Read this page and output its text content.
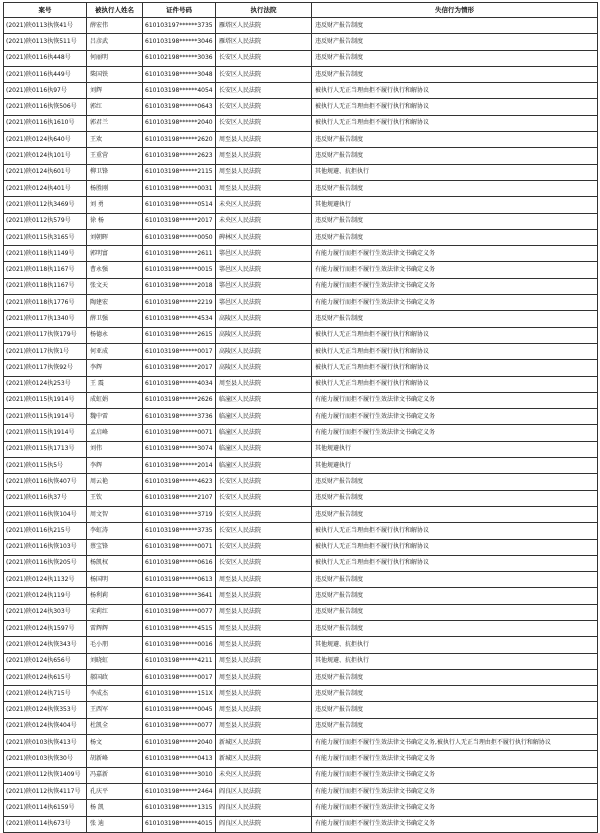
案号	被执行人姓名	证件号码	执行法院	失信行为情形
(2021)陕0113执恢41号	薛宏伟	610103197******3735	雁塔区人民法院	违反财产报告制度
(2021)陕0113执恢511号	吕彦武	610103198******3046	雁塔区人民法院	违反财产报告制度
(2021)陕0116执448号	何丽明	610102198******3036	长安区人民法院	违反财产报告制度
(2021)陕0116执449号	柴国铁	610103198******3048	长安区人民法院	违反财产报告制度
(2021)陕0116执97号	刘辉	610103198******4054	长安区人民法院	被执行人无正当理由拒不履行执行和解协议
(2021)陕0116执恢506号	郭红	610103198******0643	长安区人民法院	被执行人无正当理由拒不履行执行和解协议
(2021)陕0116执1610号	郭君兰	610103198******2040	长安区人民法院	被执行人无正当理由拒不履行执行和解协议
(2021)陕0124执640号	王欢	610103198******2620	周至县人民法院	违反财产报告制度
(2021)陕0124执101号	王重营	610103198******2623	周至县人民法院	违反财产报告制度
(2021)陕0124执601号	柳卫锋	610103198******2115	周至县人民法院	其他规避、抗拒执行
(2021)陕0124执401号	杨胜刚	610103198******0031	周至县人民法院	违反财产报告制度
(2021)陕0112执3469号	刘 勇	610103198******0514	未央区人民法院	其他规避执行
(2021)陕0112执579号	徐 杨	610103198******2017	未央区人民法院	违反财产报告制度
(2021)陕0115执3165号	刘朝晖	610103198******0050	碑林区人民法院	违反财产报告制度
(2021)陕0118执1149号	郭明富	610103198******2611	鄠邑区人民法院	有能力履行而拒不履行生效法律文书确定义务
(2021)陕0118执1167号	曹永强	610103198******0015	鄠邑区人民法院	有能力履行而拒不履行生效法律文书确定义务
(2021)陕0118执1167号	张文天	610103198******2018	鄠邑区人民法院	有能力履行而拒不履行生效法律文书确定义务
(2021)陕0118执1776号	陶建宏	610103198******2219	鄠邑区人民法院	有能力履行而拒不履行生效法律文书确定义务
(2021)陕0117执1340号	薛卫强	610103198******4534	高陵区人民法院	违反财产报告制度
(2021)陕0117执恢179号	杨德永	610103198******2615	高陵区人民法院	被执行人无正当理由拒不履行执行和解协议
(2021)陕0117执恢1号	何亚成	610103198******0017	高陵区人民法院	被执行人无正当理由拒不履行执行和解协议
(2021)陕0117执恢92号	李辉	610103198******2017	高陵区人民法院	被执行人无正当理由拒不履行执行和解协议
(2021)陕0124执253号	王 震	610103198******4034	周至县人民法院	被执行人无正当理由拒不履行执行和解协议
(2021)陕0115执1914号	成虹娟	610103198******2626	临潼区人民法院	有能力履行而拒不履行生效法律文书确定义务
(2021)陕0115执1914号	魏中雷	610103198******3736	临潼区人民法院	有能力履行而拒不履行生效法律文书确定义务
(2021)陕0115执1914号	孟启峰	610103198******0071	临潼区人民法院	有能力履行而拒不履行生效法律文书确定义务
(2021)陕0115执1713号	刘伟	610103198******3074	临潼区人民法院	其他规避执行
(2021)陕0115执5号	李辉	610103198******2014	临潼区人民法院	其他规避执行
(2021)陕0116执恢407号	周云艳	610103198******4623	长安区人民法院	违反财产报告制度
(2021)陕0116执37号	王钦	610103198******2107	长安区人民法院	违反财产报告制度
(2021)陕0116执恢104号	周文智	610103198******3719	长安区人民法院	违反财产报告制度
(2021)陕0116执215号	李虹涛	610103198******3735	长安区人民法院	被执行人无正当理由拒不履行执行和解协议
(2021)陕0116执恢103号	蔡宝锋	610103198******0071	长安区人民法院	被执行人无正当理由拒不履行执行和解协议
(2021)陕0116执恢205号	杨凯权	610103198******0616	长安区人民法院	被执行人无正当理由拒不履行执行和解协议
(2021)陕0124执1132号	杨国明	610103198******0613	周至县人民法院	违反财产报告制度
(2021)陕0124执119号	杨利莉	610103198******3641	周至县人民法院	违反财产报告制度
(2021)陕0124执303号	宋莉红	610103198******0077	周至县人民法院	违反财产报告制度
(2021)陕0124执1597号	雷辉辉	610103198******4515	周至县人民法院	违反财产报告制度
(2021)陕0124执恢343号	毛小朋	610103198******0016	周至县人民法院	其他规避、抗拒执行
(2021)陕0124执656号	刘晓虹	610103198******4211	周至县人民法院	其他规避、抗拒执行
(2021)陕0124执615号	郝国政	610103198******0017	周至县人民法院	违反财产报告制度
(2021)陕0124执715号	李成杰	610103198******151X	周至县人民法院	违反财产报告制度
(2021)陕0124执恢353号	王西军	610103198******0045	周至县人民法院	违反财产报告制度
(2021)陕0124执恢404号	杜凯全	610103198******0077	周至县人民法院	违反财产报告制度
(2021)陕0103执恢413号	杨文	610103198******2040	新城区人民法院	有能力履行而拒不履行生效法律文书确定义务,被执行人无正当理由拒不履行执行和解协议
(2021)陕0103执恢30号	胡新峰	610103198******0413	新城区人民法院	有能力履行而拒不履行生效法律文书确定义务
(2021)陕0112执恢1409号	冯嘉新	610103198******3010	未央区人民法院	有能力履行而拒不履行生效法律文书确定义务
(2021)陕0112执恢4117号	孔庆平	610103198******2464	阎良区人民法院	有能力履行而拒不履行生效法律文书确定义务
(2021)陕0114执6159号	杨 凯	610103198******1315	阎良区人民法院	有能力履行而拒不履行生效法律文书确定义务
(2021)陕0114执673号	张 迪	610103198******4015	阎良区人民法院	有能力履行而拒不履行生效法律文书确定义务
